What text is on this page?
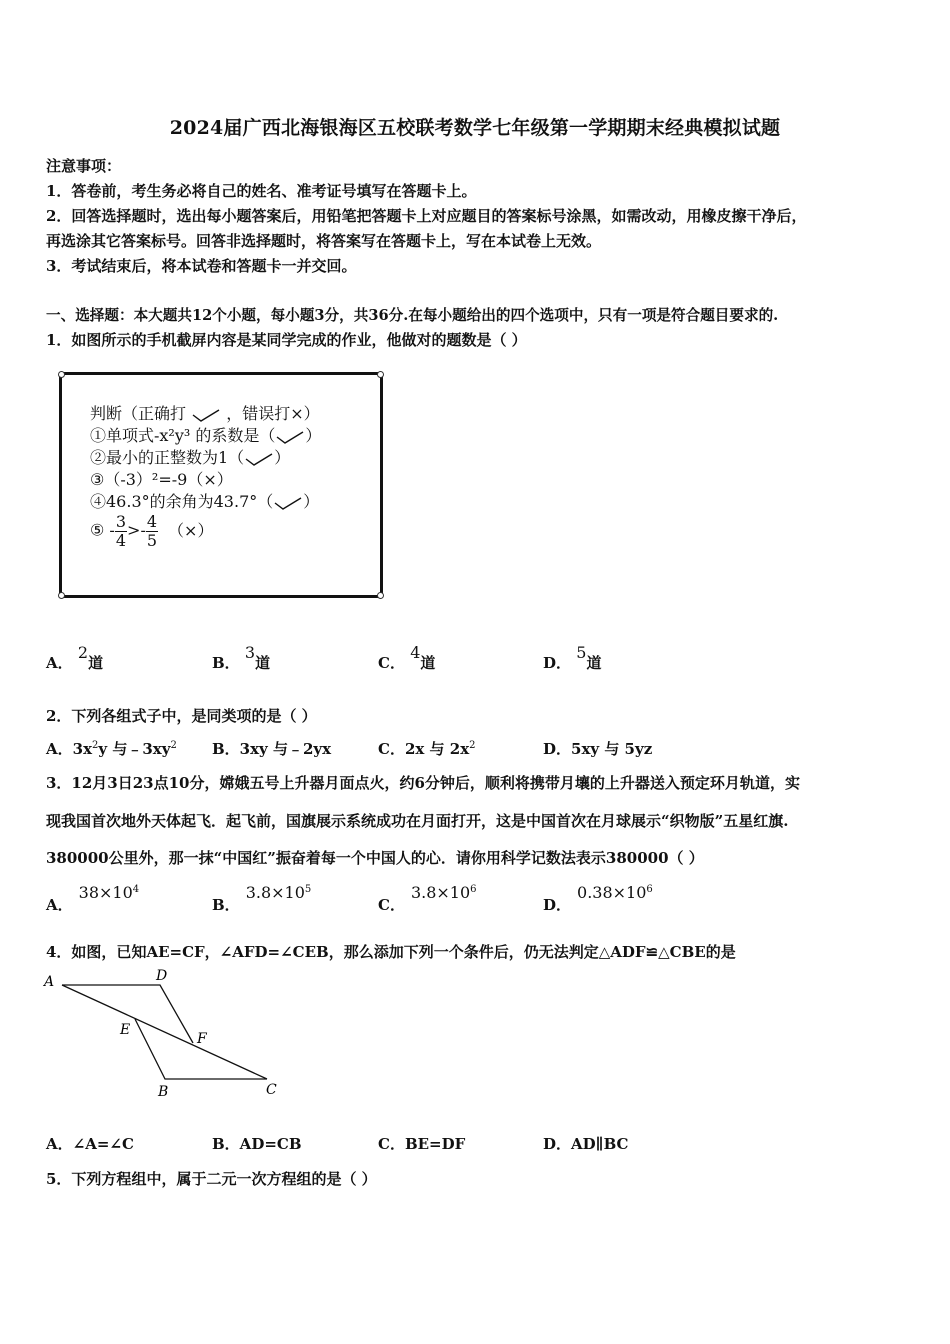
2024届广西北海银海区五校联考数学七年级第一学期期末经典模拟试题
注意事项：
1．答卷前，考生务必将自己的姓名、准考证号填写在答题卡上。
2．回答选择题时，选出每小题答案后，用铅笔把答题卡上对应题目的答案标号涂黑，如需改动，用橡皮擦干净后，
再选涂其它答案标号。回答非选择题时，将答案写在答题卡上，写在本试卷上无效。
3．考试结束后，将本试卷和答题卡一并交回。
一、选择题：本大题共12个小题，每小题3分，共36分.在每小题给出的四个选项中，只有一项是符合题目要求的.
1．如图所示的手机截屏内容是某同学完成的作业，他做对的题数是（ ）
判断（正确打	，错误打×）
①单项式-x²y³ 的系数是（ ）
②最小的正整数为1（ ）
③（-3）²=-9（×）
④46.3°的余角为43.7°（ ）
⑤ - $\frac{3}{4} >- \frac{4}{5}$ （×）
A． 2道	B． 3道	C． 4道	D． 5道
2．下列各组式子中，是同类项的是（ ）
A．$3x^2y$ 与$﹣3xy^2$ B．3xy 与﹣2yx	C．2x 与 $2x^2$	D．5xy 与 5yz
3．12月3日23点10分，嫦娥五号上升器月面点火，约6分钟后，顺利将携带月壤的上升器送入预定环月轨道，实
现我国首次地外天体起飞．起飞前，国旗展示系统成功在月面打开，这是中国首次在月球展示“织物版”五星红旗.
380000公里外，那一抹“中国红”振奋着每一个中国人的心．请你用科学记数法表示380000（ ）
A．$38\times 10^4$
B．$3.8\times 10^5$
C．$3.8\times 10^6$
D．$0.38\times 10^6$
4．如图，已知AE=CF，∠AFD=∠CEB，那么添加下列一个条件后，仍无法判定△ADF≌△CBE的是
A	D
E
F
B	C
A．∠A=∠C	B．AD=CB	C．BE=DF	D．AD∥BC
5．下列方程组中，属于二元一次方程组的是（ ）
